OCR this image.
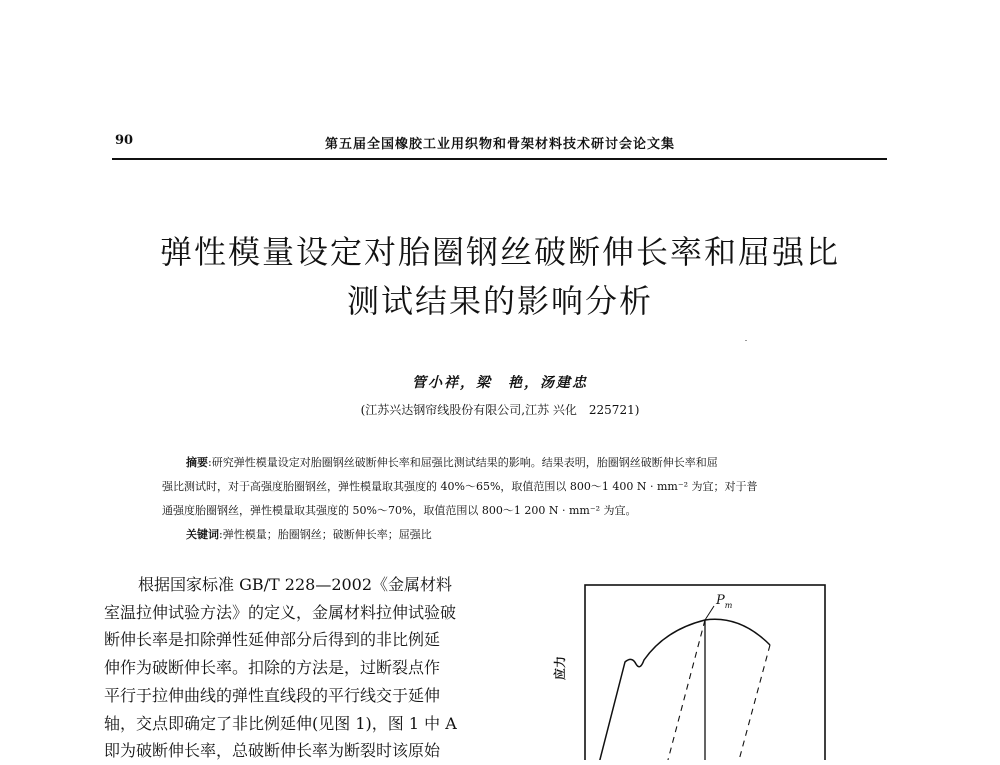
90	第五届全国橡胶工业用织物和骨架材料技术研讨会论文集
弹性模量设定对胎圈钢丝破断伸长率和屈强比
测试结果的影响分析
管小祥，梁　艳，汤建忠
(江苏兴达钢帘线股份有限公司,江苏 兴化　225721)
摘要:研究弹性模量设定对胎圈钢丝破断伸长率和屈强比测试结果的影响。结果表明，胎圈钢丝破断伸长率和屈
强比测试时，对于高强度胎圈钢丝，弹性模量取其强度的 40%～65%，取值范围以 800～1 400 N · mm⁻² 为宜；对于普
通强度胎圈钢丝，弹性模量取其强度的 50%～70%，取值范围以 800～1 200 N · mm⁻² 为宜。
关键词:弹性模量；胎圈钢丝；破断伸长率；屈强比
根据国家标准 GB/T 228—2002《金属材料
室温拉伸试验方法》的定义，金属材料拉伸试验破
断伸长率是扣除弹性延伸部分后得到的非比例延
伸作为破断伸长率。扣除的方法是，过断裂点作
平行于拉伸曲线的弹性直线段的平行线交于延伸
轴，交点即确定了非比例延伸(见图 1)，图 1 中 A
即为破断伸长率，总破断伸长率为断裂时该原始
应力
$P_m$
